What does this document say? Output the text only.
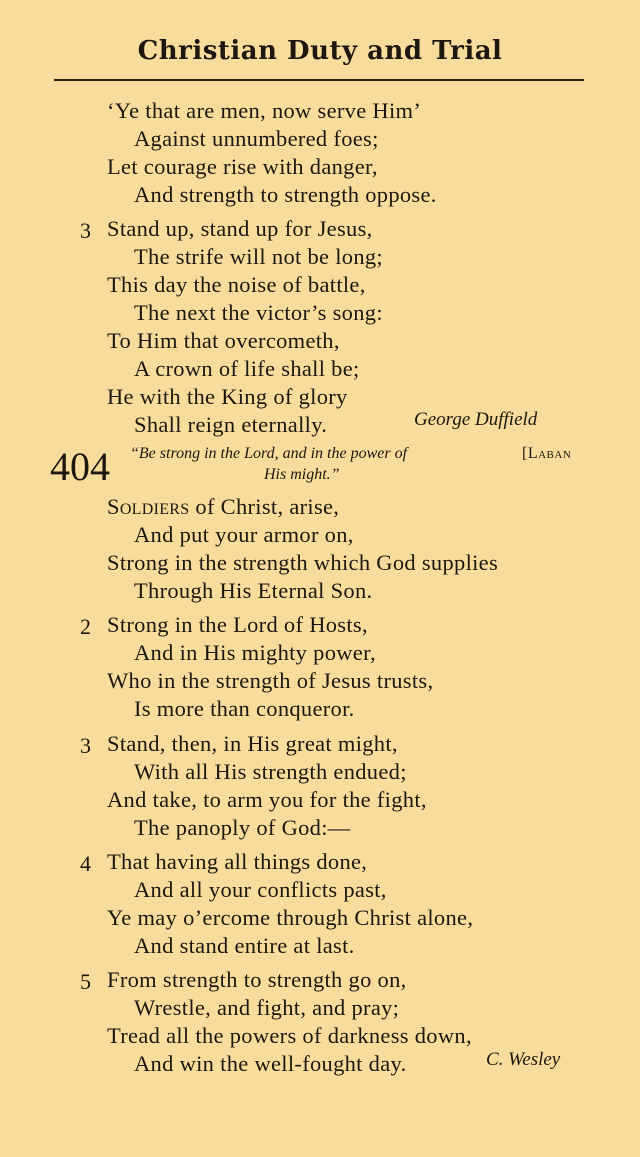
Christian Duty and Trial
‘Ye that are men, now serve Him’
Against unnumbered foes;
Let courage rise with danger,
And strength to strength oppose.
3 Stand up, stand up for Jesus,
The strife will not be long;
This day the noise of battle,
The next the victor’s song:
To Him that overcometh,
A crown of life shall be;
He with the King of glory
Shall reign eternally.	George Duffield
404 “Be strong in the Lord, and in the power of
His might.”
[Laban
Soldiers of Christ, arise,
And put your armor on,
Strong in the strength which God supplies
Through His Eternal Son.
2 Strong in the Lord of Hosts,
And in His mighty power,
Who in the strength of Jesus trusts,
Is more than conqueror.
3 Stand, then, in His great might,
With all His strength endued;
And take, to arm you for the fight,
The panoply of God:—
4 That having all things done,
And all your conflicts past,
Ye may o’ercome through Christ alone,
And stand entire at last.
5 From strength to strength go on,
Wrestle, and fight, and pray;
Tread all the powers of darkness down,
And win the well-fought day.	C. Wesley
